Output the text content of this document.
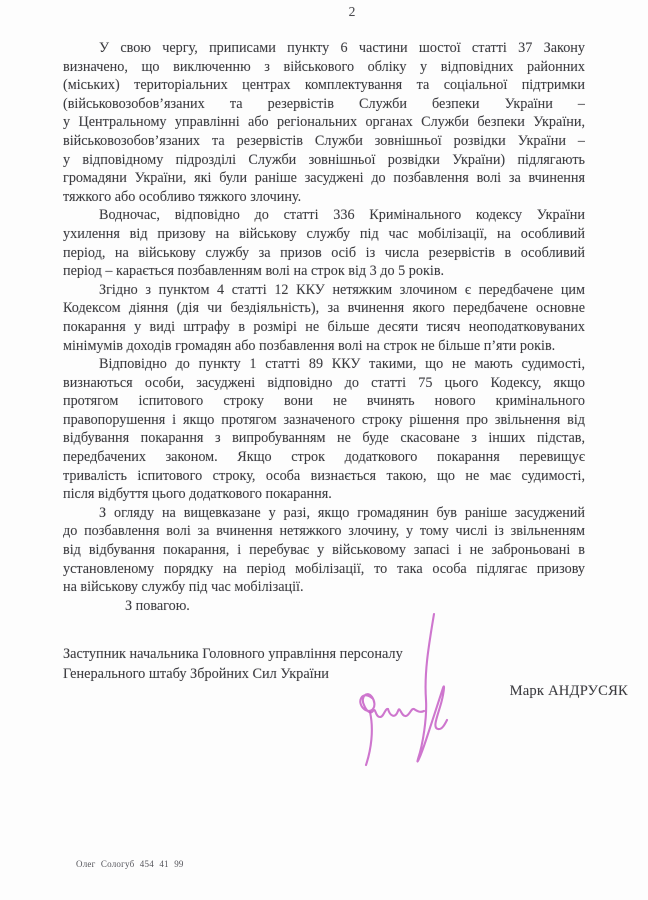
2
У свою чергу, приписами пункту 6 частини шостої статті 37 Закону
визначено, що виключенню з військового обліку у відповідних районних
(міських) територіальних центрах комплектування та соціальної підтримки
(військовозобов’язаних та резервістів Служби безпеки України –
у Центральному управлінні або регіональних органах Служби безпеки України,
військовозобов’язаних та резервістів Служби зовнішньої розвідки України –
у відповідному підрозділі Служби зовнішньої розвідки України) підлягають
громадяни України, які були раніше засуджені до позбавлення волі за вчинення
тяжкого або особливо тяжкого злочину.
Водночас, відповідно до статті 336 Кримінального кодексу України
ухилення від призову на військову службу під час мобілізації, на особливий
період, на військову службу за призов осіб із числа резервістів в особливий
період – карається позбавленням волі на строк від 3 до 5 років.
Згідно з пунктом 4 статті 12 ККУ нетяжким злочином є передбачене цим
Кодексом діяння (дія чи бездіяльність), за вчинення якого передбачене основне
покарання у виді штрафу в розмірі не більше десяти тисяч неоподатковуваних
мінімумів доходів громадян або позбавлення волі на строк не більше п’яти років.
Відповідно до пункту 1 статті 89 ККУ такими, що не мають судимості,
визнаються особи, засуджені відповідно до статті 75 цього Кодексу, якщо
протягом іспитового строку вони не вчинять нового кримінального
правопорушення і якщо протягом зазначеного строку рішення про звільнення від
відбування покарання з випробуванням не буде скасоване з інших підстав,
передбачених законом. Якщо строк додаткового покарання перевищує
тривалість іспитового строку, особа визнається такою, що не має судимості,
після відбуття цього додаткового покарання.
З огляду на вищевказане у разі, якщо громадянин був раніше засуджений
до позбавлення волі за вчинення нетяжкого злочину, у тому числі із звільненням
від відбування покарання, і перебуває у військовому запасі і не заброньовані в
установленому порядку на період мобілізації, то така особа підлягає призову
на військову службу під час мобілізації.
З повагою.
Заступник начальника Головного управління персоналу
Генерального штабу Збройних Сил України
Марк АНДРУСЯК
Олег Сологуб 454 41 99
